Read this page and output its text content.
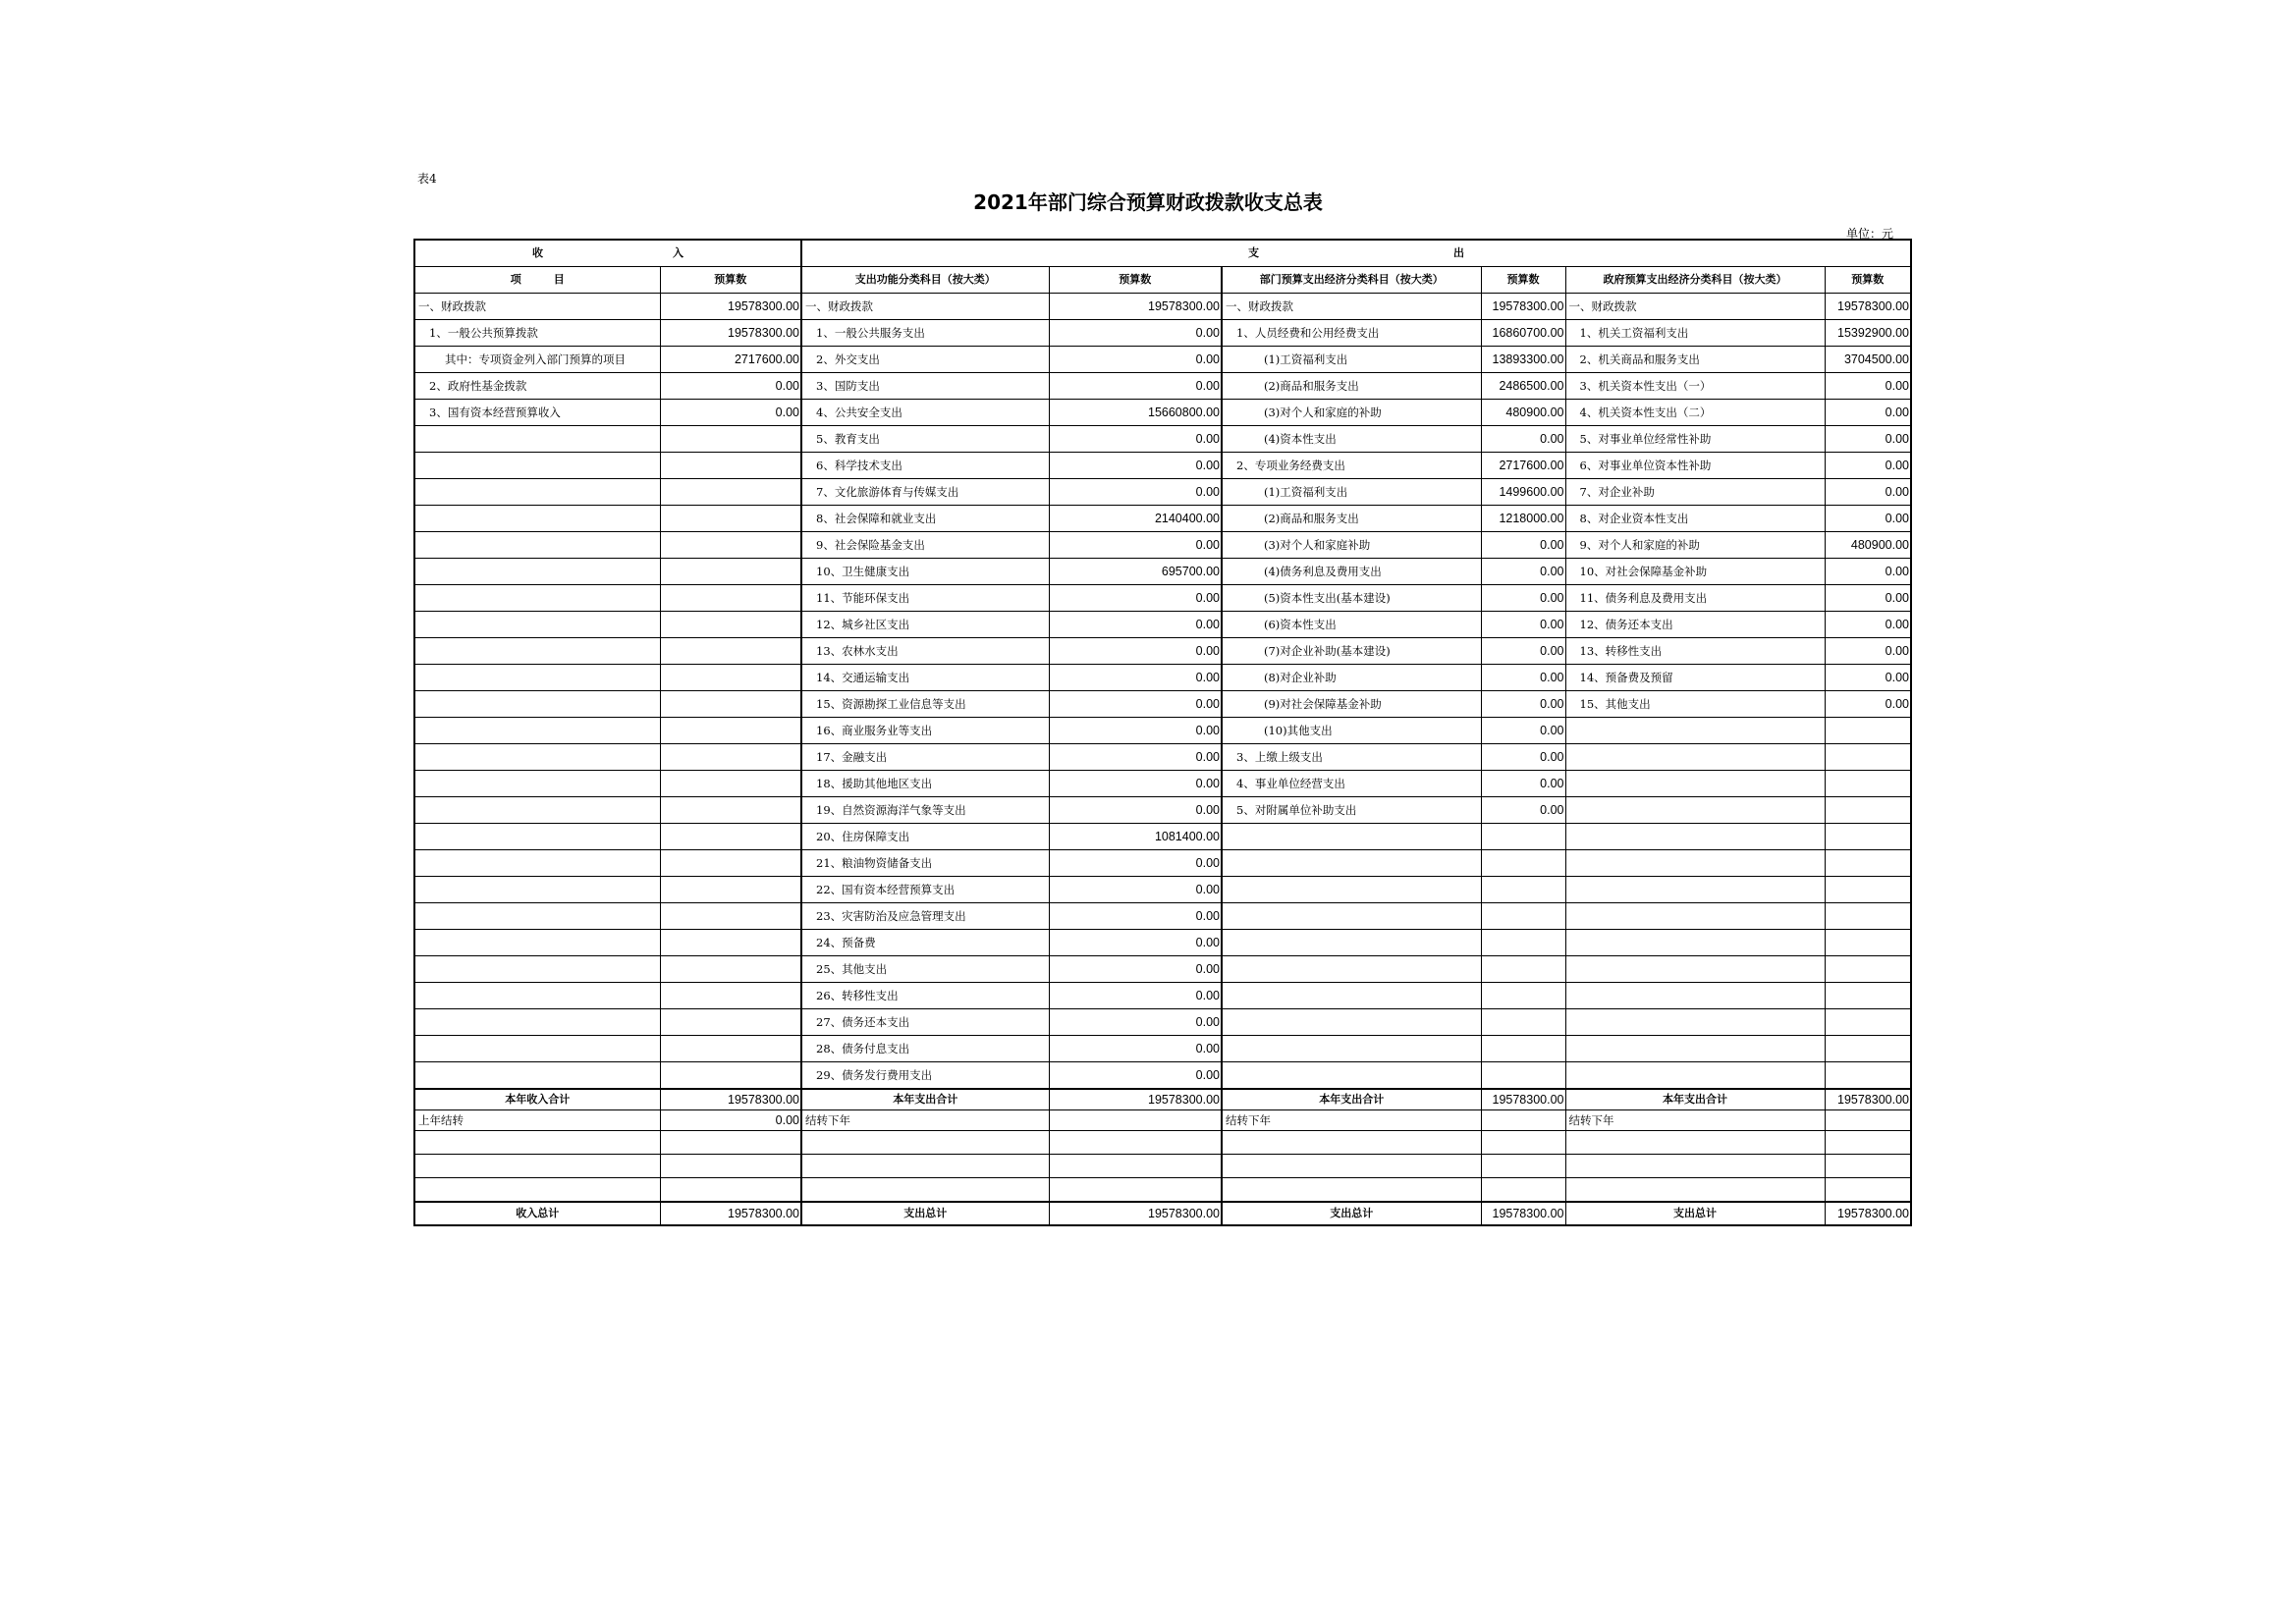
表4
2021年部门综合预算财政拨款收支总表
单位：元
收　　　　　　　　　　　　入		支　　　　　　　　　　　　　　　　　　出					
项　　　目	预算数	支出功能分类科目（按大类）	预算数	部门预算支出经济分类科目（按大类）	预算数	政府预算支出经济分类科目（按大类）	预算数
一、财政拨款	19578300.00	一、财政拨款	19578300.00	一、财政拨款	19578300.00	一、财政拨款	19578300.00
1、一般公共预算拨款	19578300.00	1、一般公共服务支出	0.00	1、人员经费和公用经费支出	16860700.00	1、机关工资福利支出	15392900.00
其中：专项资金列入部门预算的项目	2717600.00	2、外交支出	0.00	(1)工资福利支出	13893300.00	2、机关商品和服务支出	3704500.00
2、政府性基金拨款	0.00	3、国防支出	0.00	(2)商品和服务支出	2486500.00	3、机关资本性支出（一）	0.00
3、国有资本经营预算收入	0.00	4、公共安全支出	15660800.00	(3)对个人和家庭的补助	480900.00	4、机关资本性支出（二）	0.00
		5、教育支出	0.00	(4)资本性支出	0.00	5、对事业单位经常性补助	0.00
		6、科学技术支出	0.00	2、专项业务经费支出	2717600.00	6、对事业单位资本性补助	0.00
		7、文化旅游体育与传媒支出	0.00	(1)工资福利支出	1499600.00	7、对企业补助	0.00
		8、社会保障和就业支出	2140400.00	(2)商品和服务支出	1218000.00	8、对企业资本性支出	0.00
		9、社会保险基金支出	0.00	(3)对个人和家庭补助	0.00	9、对个人和家庭的补助	480900.00
		10、卫生健康支出	695700.00	(4)债务利息及费用支出	0.00	10、对社会保障基金补助	0.00
		11、节能环保支出	0.00	(5)资本性支出(基本建设)	0.00	11、债务利息及费用支出	0.00
		12、城乡社区支出	0.00	(6)资本性支出	0.00	12、债务还本支出	0.00
		13、农林水支出	0.00	(7)对企业补助(基本建设)	0.00	13、转移性支出	0.00
		14、交通运输支出	0.00	(8)对企业补助	0.00	14、预备费及预留	0.00
		15、资源勘探工业信息等支出	0.00	(9)对社会保障基金补助	0.00	15、其他支出	0.00
		16、商业服务业等支出	0.00	(10)其他支出	0.00		
		17、金融支出	0.00	3、上缴上级支出	0.00		
		18、援助其他地区支出	0.00	4、事业单位经营支出	0.00		
		19、自然资源海洋气象等支出	0.00	5、对附属单位补助支出	0.00		
		20、住房保障支出	1081400.00				
		21、粮油物资储备支出	0.00				
		22、国有资本经营预算支出	0.00				
		23、灾害防治及应急管理支出	0.00				
		24、预备费	0.00				
		25、其他支出	0.00				
		26、转移性支出	0.00				
		27、债务还本支出	0.00				
		28、债务付息支出	0.00				
		29、债务发行费用支出	0.00				
本年收入合计	19578300.00	本年支出合计	19578300.00	本年支出合计	19578300.00	本年支出合计	19578300.00
上年结转	0.00	结转下年		结转下年		结转下年	

收入总计	19578300.00	支出总计	19578300.00	支出总计	19578300.00	支出总计	19578300.00
